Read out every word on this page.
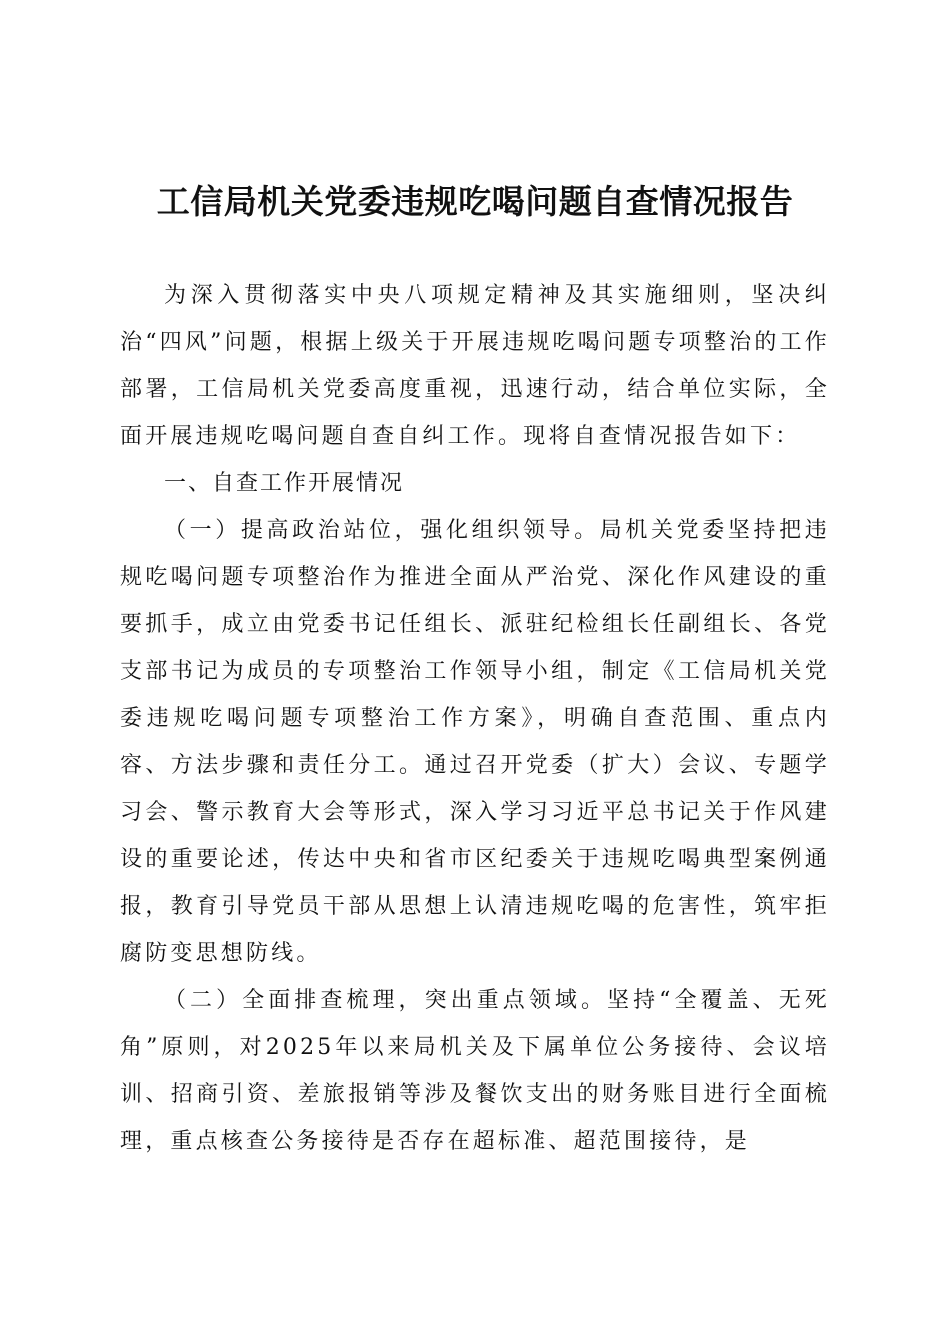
工信局机关党委违规吃喝问题自查情况报告

为深入贯彻落实中央八项规定精神及其实施细则，坚决纠治“四风”问题，根据上级关于开展违规吃喝问题专项整治的工作部署，工信局机关党委高度重视，迅速行动，结合单位实际，全面开展违规吃喝问题自查自纠工作。现将自查情况报告如下：

一、自查工作开展情况

（一）提高政治站位，强化组织领导。局机关党委坚持把违规吃喝问题专项整治作为推进全面从严治党、深化作风建设的重要抓手，成立由党委书记任组长、派驻纪检组长任副组长、各党支部书记为成员的专项整治工作领导小组，制定《工信局机关党委违规吃喝问题专项整治工作方案》，明确自查范围、重点内容、方法步骤和责任分工。通过召开党委（扩大）会议、专题学习会、警示教育大会等形式，深入学习习近平总书记关于作风建设的重要论述，传达中央和省市区纪委关于违规吃喝典型案例通报，教育引导党员干部从思想上认清违规吃喝的危害性，筑牢拒腐防变思想防线。

（二）全面排查梳理，突出重点领域。坚持“全覆盖、无死角”原则，对2025年以来局机关及下属单位公务接待、会议培训、招商引资、差旅报销等涉及餐饮支出的财务账目进行全面梳理，重点核查公务接待是否存在超标准、超范围接待，是
